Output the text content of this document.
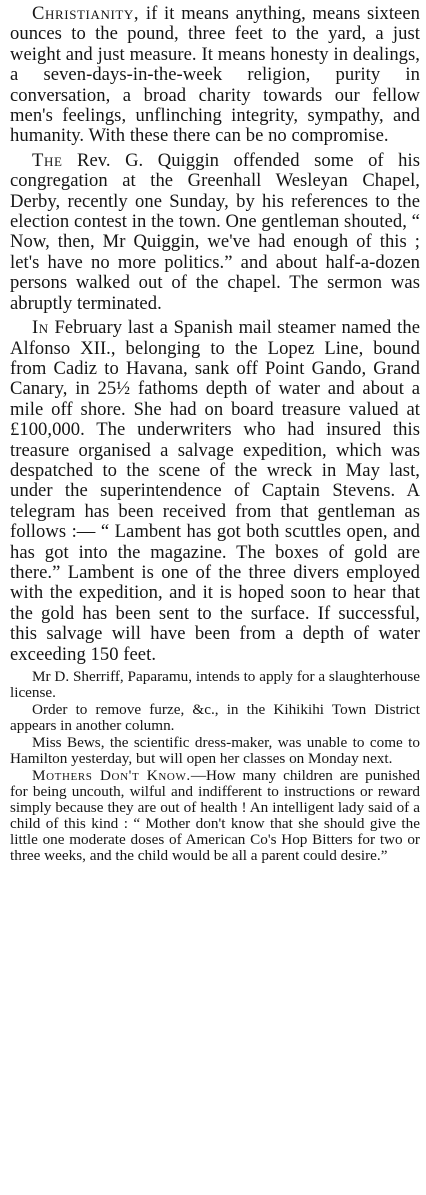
Christianity, if it means anything, means sixteen ounces to the pound, three feet to the yard, a just weight and just measure. It means honesty in dealings, a seven-days-in-the-week religion, purity in conversation, a broad charity towards our fellow men's feelings, unflinching integrity, sympathy, and humanity. With these there can be no compromise.

The Rev. G. Quiggin offended some of his congregation at the Greenhall Wesleyan Chapel, Derby, recently one Sunday, by his references to the election contest in the town. One gentleman shouted, “ Now, then, Mr Quiggin, we've had enough of this ; let's have no more politics.” and about half-a-dozen persons walked out of the chapel. The sermon was abruptly terminated.

In February last a Spanish mail steamer named the Alfonso XII., belonging to the Lopez Line, bound from Cadiz to Havana, sank off Point Gando, Grand Canary, in 25½ fathoms depth of water and about a mile off shore. She had on board treasure valued at £100,000. The underwriters who had insured this treasure organised a salvage expedition, which was despatched to the scene of the wreck in May last, under the superintendence of Captain Stevens. A telegram has been received from that gentleman as follows :— “ Lambent has got both scuttles open, and has got into the magazine. The boxes of gold are there.” Lambent is one of the three divers employed with the expedition, and it is hoped soon to hear that the gold has been sent to the surface. If successful, this salvage will have been from a depth of water exceeding 150 feet.

Mr D. Sherriff, Paparamu, intends to apply for a slaughterhouse license.

Order to remove furze, &c., in the Kihikihi Town District appears in another column.

Miss Bews, the scientific dress-maker, was unable to come to Hamilton yesterday, but will open her classes on Monday next.

Mothers Don't Know.—How many children are punished for being uncouth, wilful and indifferent to instructions or reward simply because they are out of health ! An intelligent lady said of a child of this kind : “ Mother don't know that she should give the little one moderate doses of American Co's Hop Bitters for two or three weeks, and the child would be all a parent could desire.”
